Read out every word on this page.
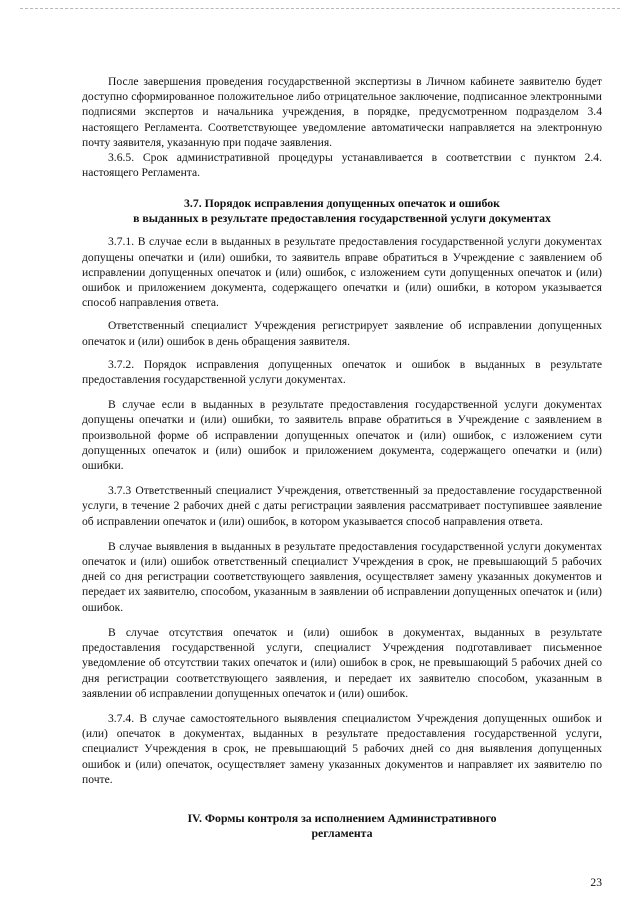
После завершения проведения государственной экспертизы в Личном кабинете заявителю будет доступно сформированное положительное либо отрицательное заключение, подписанное электронными подписями экспертов и начальника учреждения, в порядке, предусмотренном подразделом 3.4 настоящего Регламента. Соответствующее уведомление автоматически направляется на электронную почту заявителя, указанную при подаче заявления.

3.6.5. Срок административной процедуры устанавливается в соответствии с пунктом 2.4. настоящего Регламента.

3.7. Порядок исправления допущенных опечаток и ошибок
в выданных в результате предоставления государственной услуги документах

3.7.1. В случае если в выданных в результате предоставления государственной услуги документах допущены опечатки и (или) ошибки, то заявитель вправе обратиться в Учреждение с заявлением об исправлении допущенных опечаток и (или) ошибок, с изложением сути допущенных опечаток и (или) ошибок и приложением документа, содержащего опечатки и (или) ошибки, в котором указывается способ направления ответа.

Ответственный специалист Учреждения регистрирует заявление об исправлении допущенных опечаток и (или) ошибок в день обращения заявителя.

3.7.2. Порядок исправления допущенных опечаток и ошибок в выданных в результате предоставления государственной услуги документах.

В случае если в выданных в результате предоставления государственной услуги документах допущены опечатки и (или) ошибки, то заявитель вправе обратиться в Учреждение с заявлением в произвольной форме об исправлении допущенных опечаток и (или) ошибок, с изложением сути допущенных опечаток и (или) ошибок и приложением документа, содержащего опечатки и (или) ошибки.

3.7.3 Ответственный специалист Учреждения, ответственный за предоставление государственной услуги, в течение 2 рабочих дней с даты регистрации заявления рассматривает поступившее заявление об исправлении опечаток и (или) ошибок, в котором указывается способ направления ответа.

В случае выявления в выданных в результате предоставления государственной услуги документах опечаток и (или) ошибок ответственный специалист Учреждения в срок, не превышающий 5 рабочих дней со дня регистрации соответствующего заявления, осуществляет замену указанных документов и передает их заявителю, способом, указанным в заявлении об исправлении допущенных опечаток и (или) ошибок.

В случае отсутствия опечаток и (или) ошибок в документах, выданных в результате предоставления государственной услуги, специалист Учреждения подготавливает письменное уведомление об отсутствии таких опечаток и (или) ошибок в срок, не превышающий 5 рабочих дней со дня регистрации соответствующего заявления, и передает их заявителю способом, указанным в заявлении об исправлении допущенных опечаток и (или) ошибок.

3.7.4. В случае самостоятельного выявления специалистом Учреждения допущенных ошибок и (или) опечаток в документах, выданных в результате предоставления государственной услуги, специалист Учреждения в срок, не превышающий 5 рабочих дней со дня выявления допущенных ошибок и (или) опечаток, осуществляет замену указанных документов и направляет их заявителю по почте.

IV. Формы контроля за исполнением Административного
регламента
23
